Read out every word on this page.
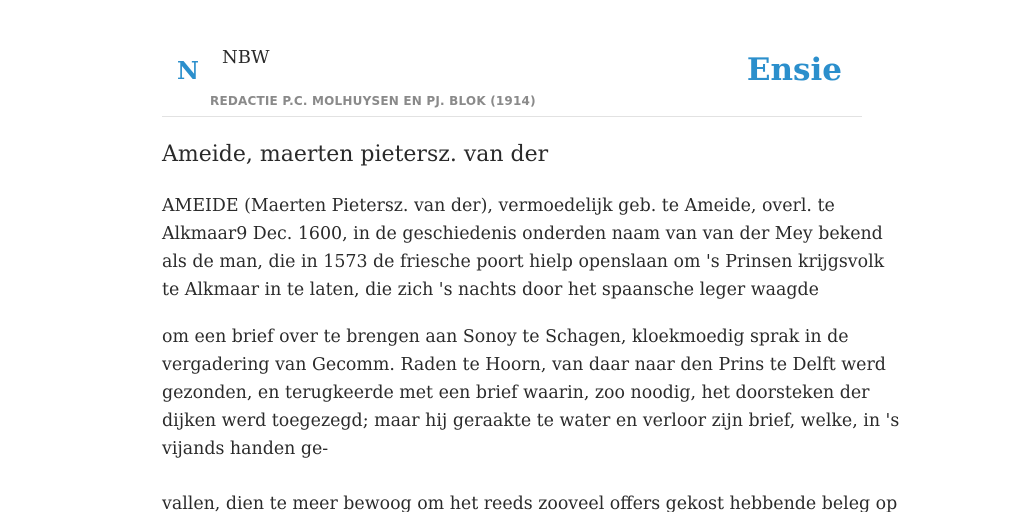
N NBW
REDACTIE P.C. MOLHUYSEN EN PJ. BLOK (1914)
Ensie
Ameide, maerten pietersz. van der

AMEIDE (Maerten Pietersz. van der), vermoedelijk geb. te Ameide, overl. te
Alkmaar9 Dec. 1600, in de geschiedenis onderden naam van van der Mey bekend
als de man, die in 1573 de friesche poort hielp openslaan om 's Prinsen krijgsvolk
te Alkmaar in te laten, die zich 's nachts door het spaansche leger waagde

om een brief over te brengen aan Sonoy te Schagen, kloekmoedig sprak in de
vergadering van Gecomm. Raden te Hoorn, van daar naar den Prins te Delft werd
gezonden, en terugkeerde met een brief waarin, zoo noodig, het doorsteken der
dijken werd toegezegd; maar hij geraakte te water en verloor zijn brief, welke, in 's
vijands handen ge-

vallen, dien te meer bewoog om het reeds zooveel offers gekost hebbende beleg op
